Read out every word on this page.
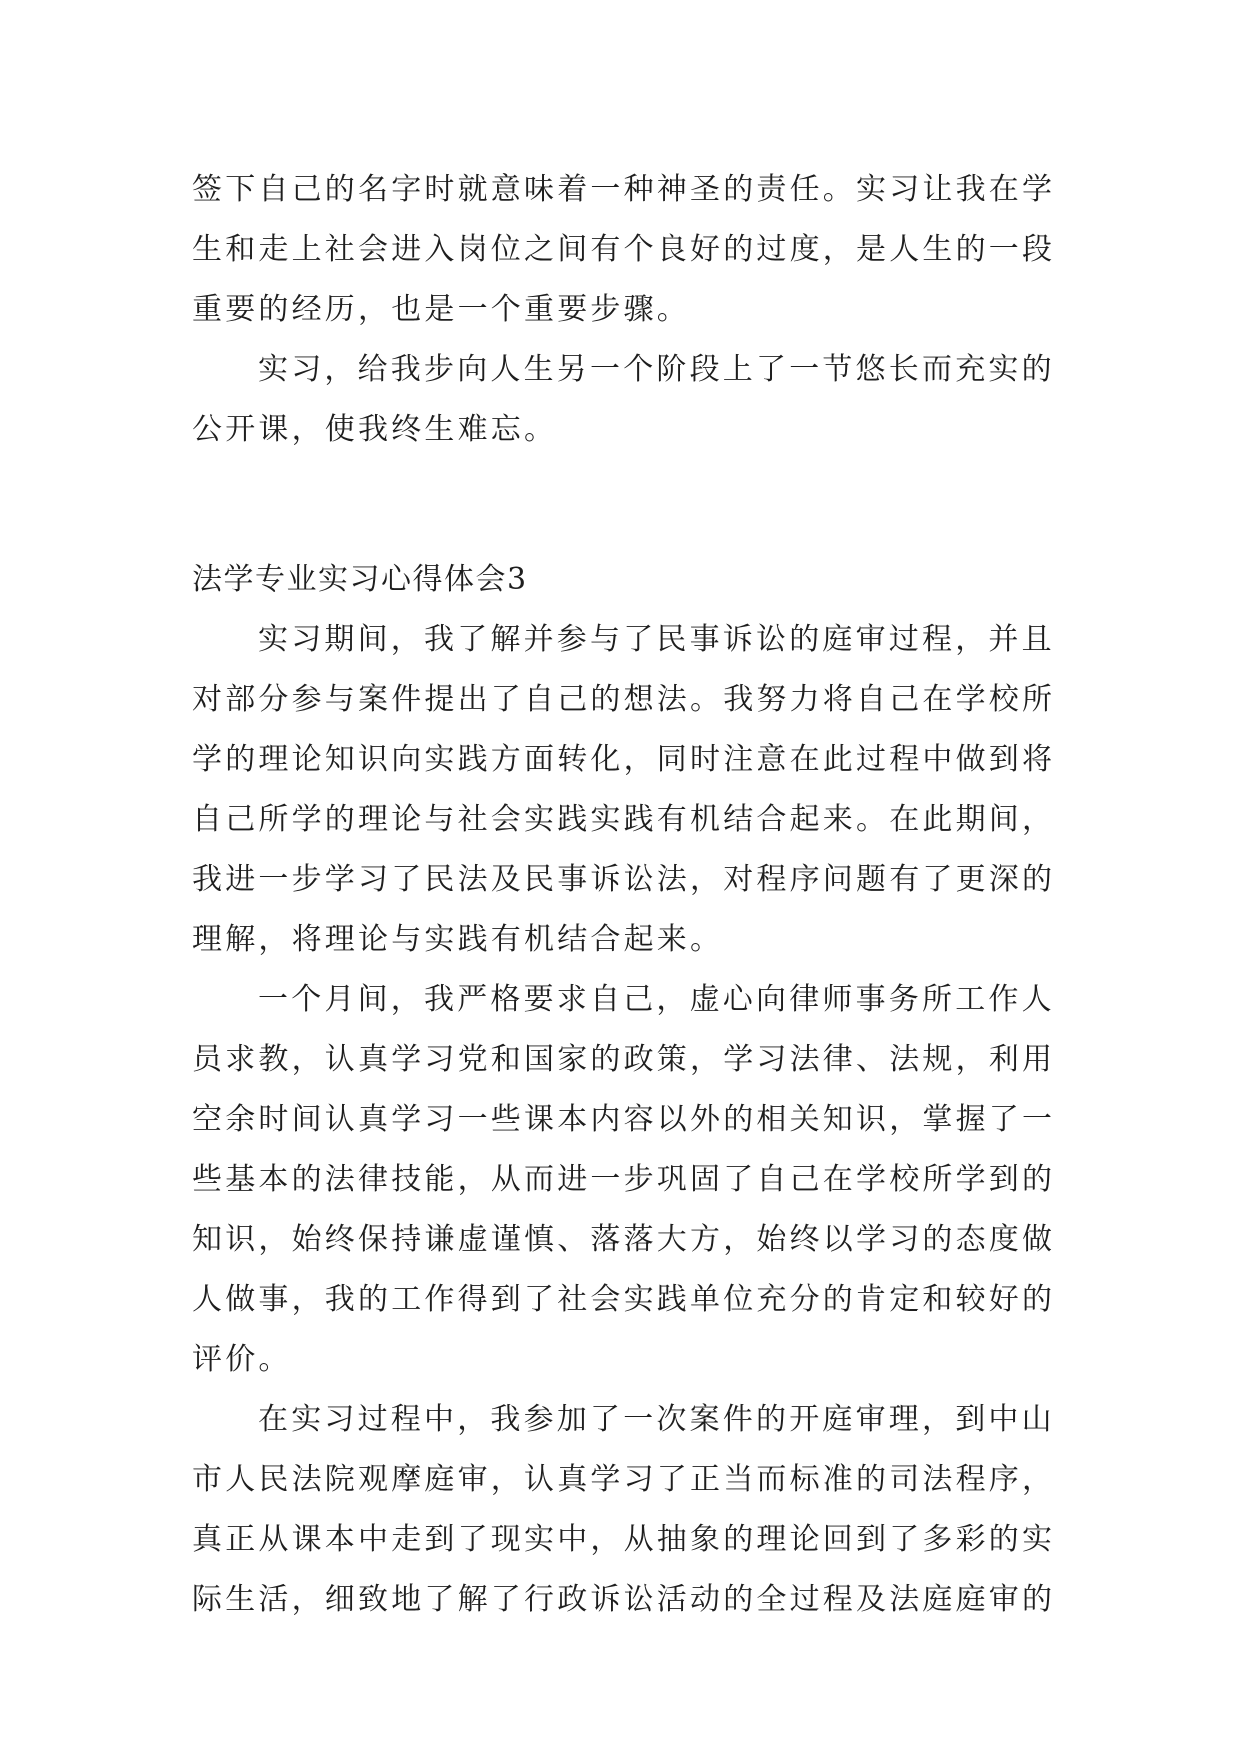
签下自己的名字时就意味着一种神圣的责任。实习让我在学
生和走上社会进入岗位之间有个良好的过度，是人生的一段
重要的经历，也是一个重要步骤。
实习，给我步向人生另一个阶段上了一节悠长而充实的
公开课，使我终生难忘。
法学专业实习心得体会3
实习期间，我了解并参与了民事诉讼的庭审过程，并且
对部分参与案件提出了自己的想法。我努力将自己在学校所
学的理论知识向实践方面转化，同时注意在此过程中做到将
自己所学的理论与社会实践实践有机结合起来。在此期间，
我进一步学习了民法及民事诉讼法，对程序问题有了更深的
理解，将理论与实践有机结合起来。
一个月间，我严格要求自己，虚心向律师事务所工作人
员求教，认真学习党和国家的政策，学习法律、法规，利用
空余时间认真学习一些课本内容以外的相关知识，掌握了一
些基本的法律技能，从而进一步巩固了自己在学校所学到的
知识，始终保持谦虚谨慎、落落大方，始终以学习的态度做
人做事，我的工作得到了社会实践单位充分的肯定和较好的
评价。
在实习过程中，我参加了一次案件的开庭审理，到中山
市人民法院观摩庭审，认真学习了正当而标准的司法程序，
真正从课本中走到了现实中，从抽象的理论回到了多彩的实
际生活，细致地了解了行政诉讼活动的全过程及法庭庭审的
